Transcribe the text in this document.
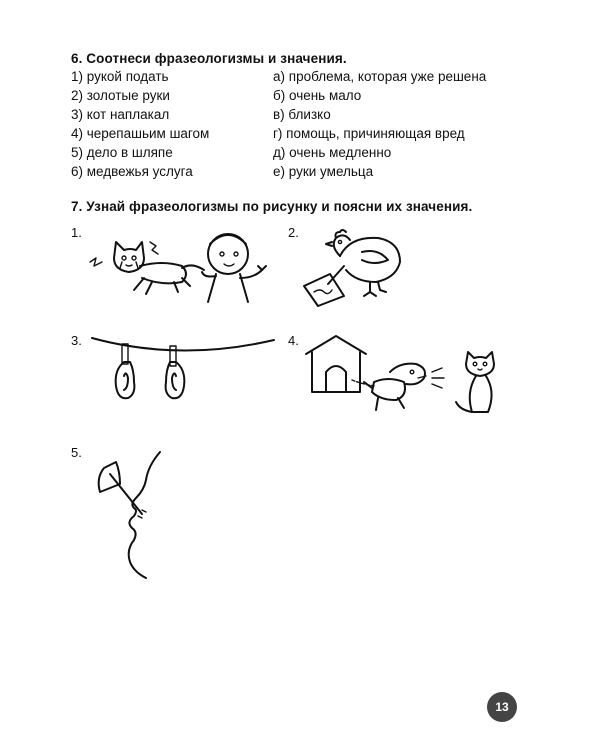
6. Соотнеси фразеологизмы и значения.
1) рукой подать
2) золотые руки
3) кот наплакал
4) черепашьим шагом
5) дело в шляпе
6) медвежья услуга
а) проблема, которая уже решена
б) очень мало
в) близко
г) помощь, причиняющая вред
д) очень медленно
е) руки умельца
7. Узнай фразеологизмы по рисунку и поясни их значения.
1.	2.
3.	4.
5.
13
